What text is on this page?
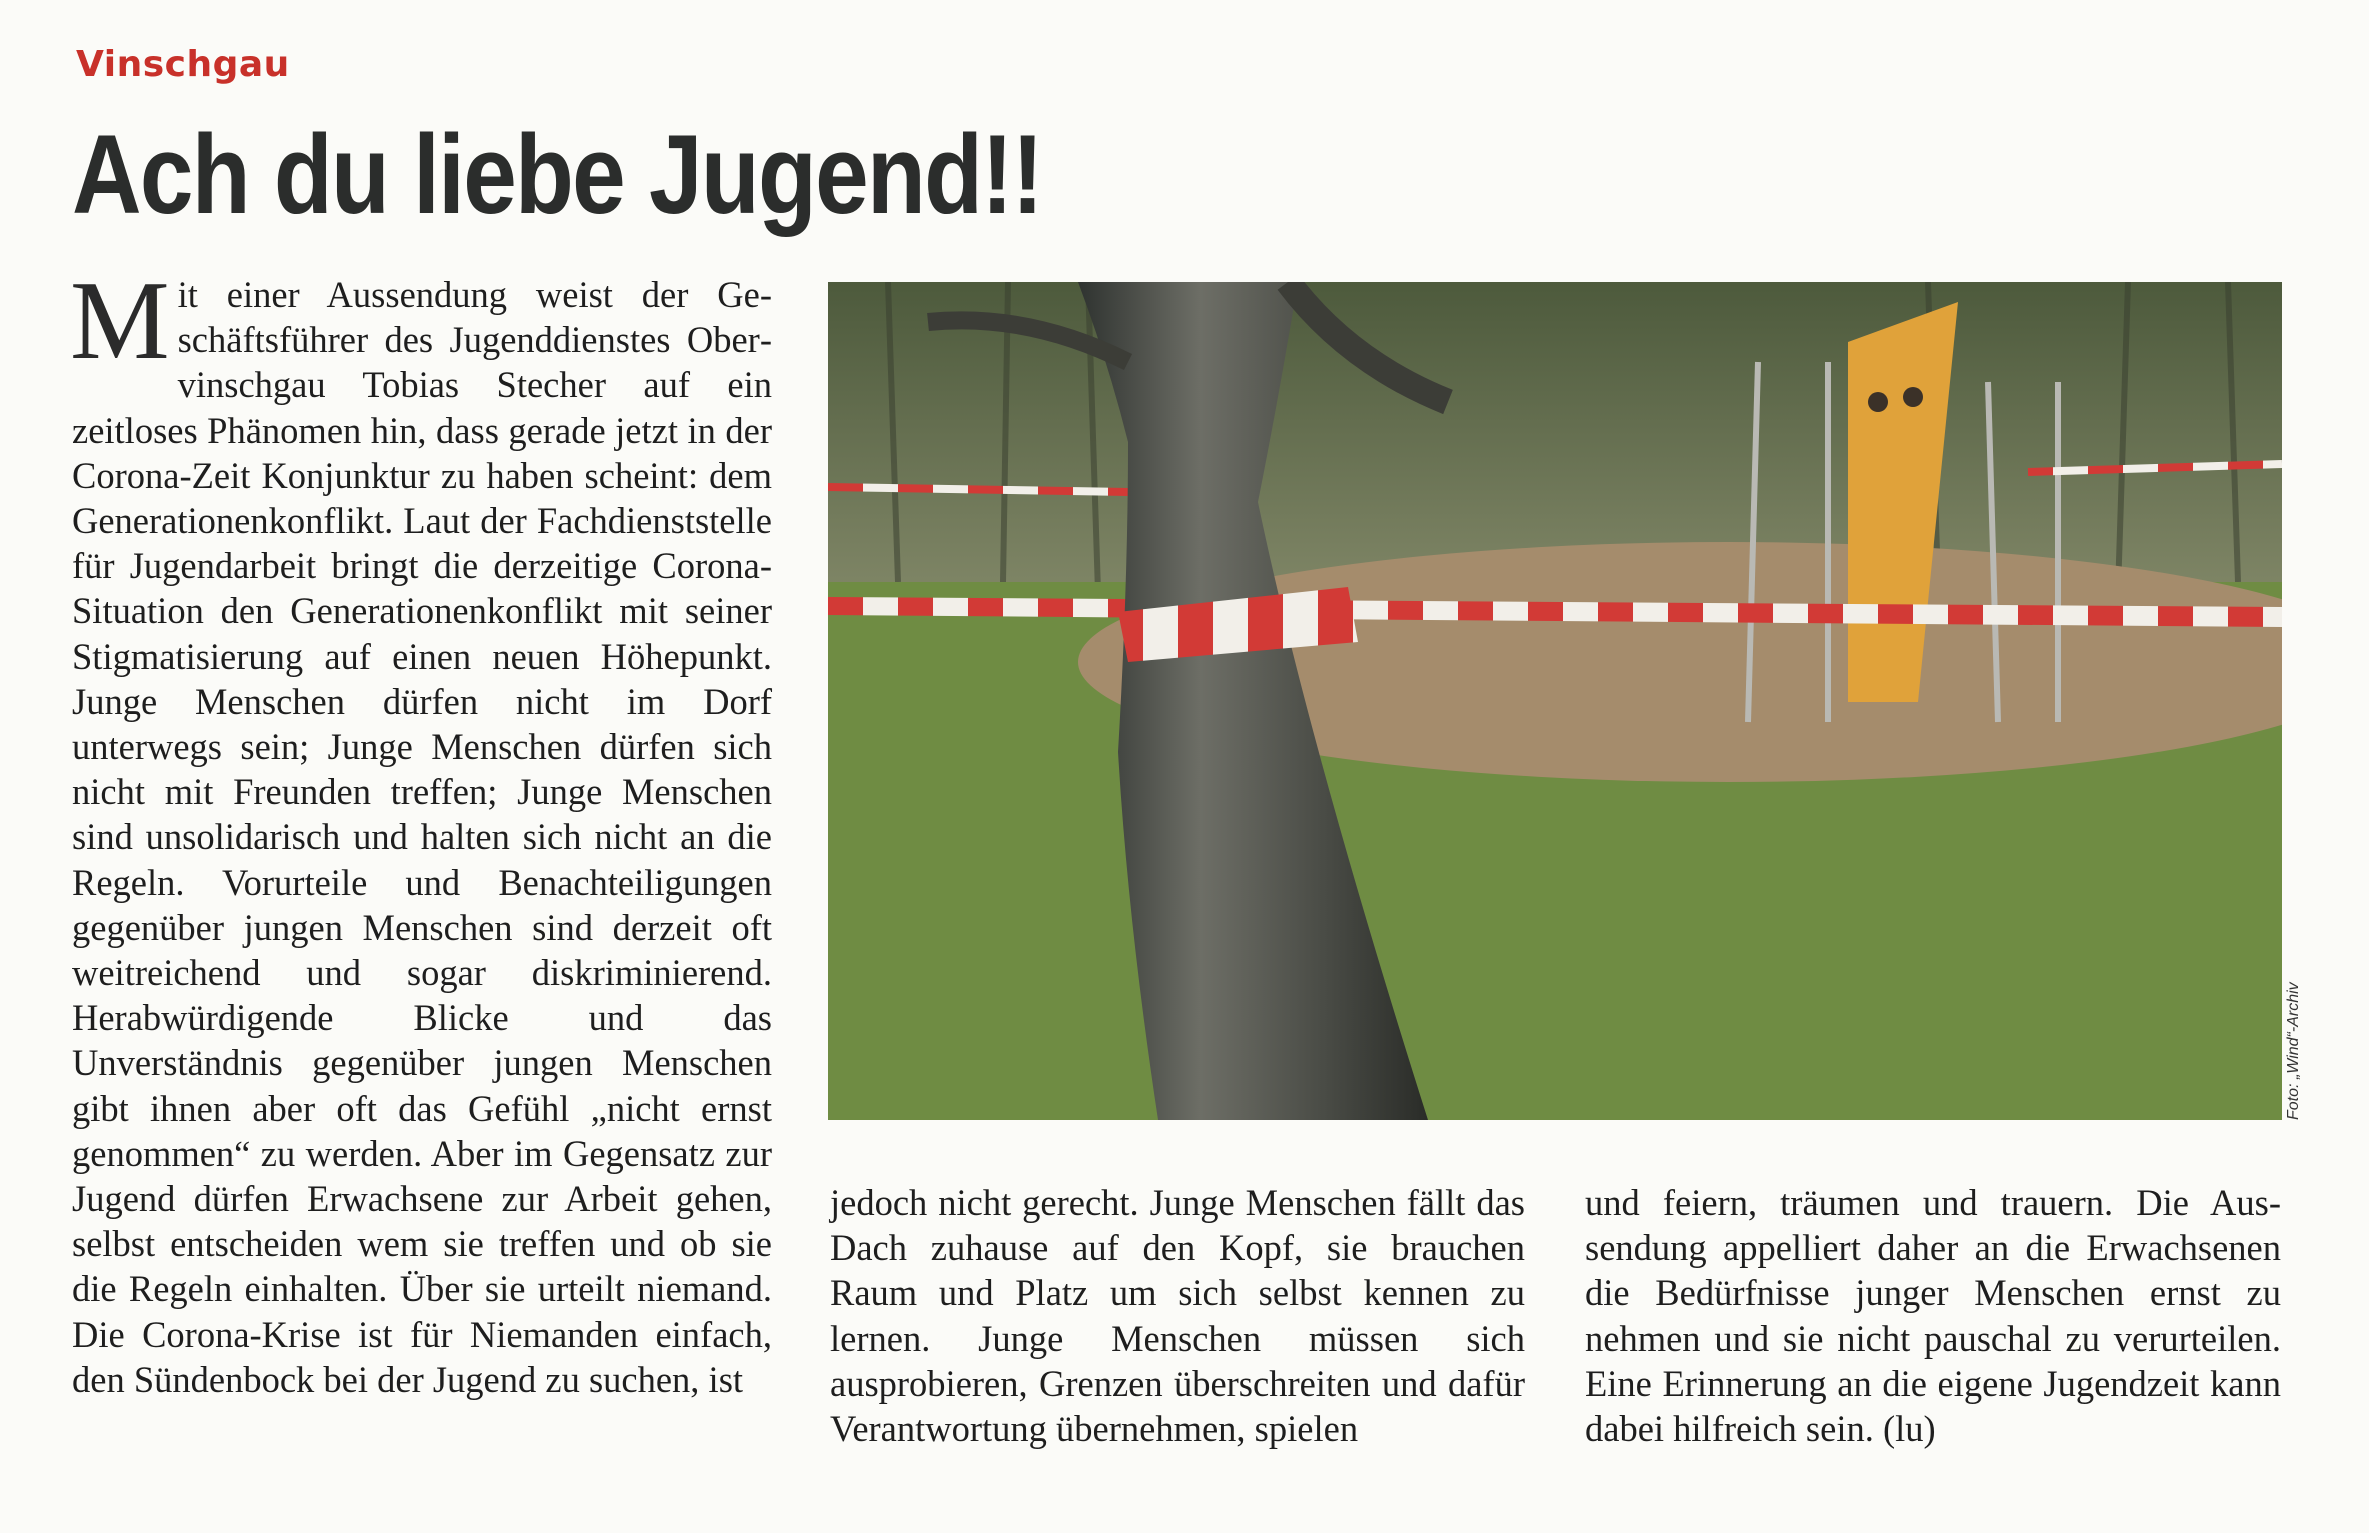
Vinschgau
Ach du liebe Jugend!!

Mit einer Aussendung weist der Geschäftsführer des Jugenddienstes Obervinschgau Tobias Stecher auf ein zeitloses Phänomen hin, dass gerade jetzt in der Corona-Zeit Konjunktur zu haben scheint: dem Generationenkonflikt. Laut der Fachdienststelle für Jugendarbeit bringt die derzeitige Corona-Situation den Generationenkonflikt mit seiner Stigmatisierung auf einen neuen Höhepunkt. Junge Menschen dürfen nicht im Dorf unterwegs sein; Junge Menschen dürfen sich nicht mit Freunden treffen; Junge Menschen sind unsolidarisch und halten sich nicht an die Regeln. Vorurteile und Benachteiligungen gegenüber jungen Menschen sind derzeit oft weitreichend und sogar diskriminierend. Herabwürdigende Blicke und das Unverständnis gegenüber jungen Menschen gibt ihnen aber oft das Gefühl „nicht ernst genommen“ zu werden. Aber im Gegensatz zur Jugend dürfen Erwachsene zur Arbeit gehen, selbst entscheiden wem sie treffen und ob sie die Regeln einhalten. Über sie urteilt niemand. Die Corona-Krise ist für Niemanden einfach, den Sündenbock bei der Jugend zu suchen, ist

Foto: „Wind“-Archiv

jedoch nicht gerecht. Junge Menschen fällt das Dach zuhause auf den Kopf, sie brauchen Raum und Platz um sich selbst kennen zu lernen. Junge Menschen müssen sich ausprobieren, Grenzen überschreiten und dafür Verantwortung übernehmen, spielen

und feiern, träumen und trauern. Die Aussendung appelliert daher an die Erwachsenen die Bedürfnisse junger Menschen ernst zu nehmen und sie nicht pauschal zu verurteilen. Eine Erinnerung an die eigene Jugendzeit kann dabei hilfreich sein. (lu)
